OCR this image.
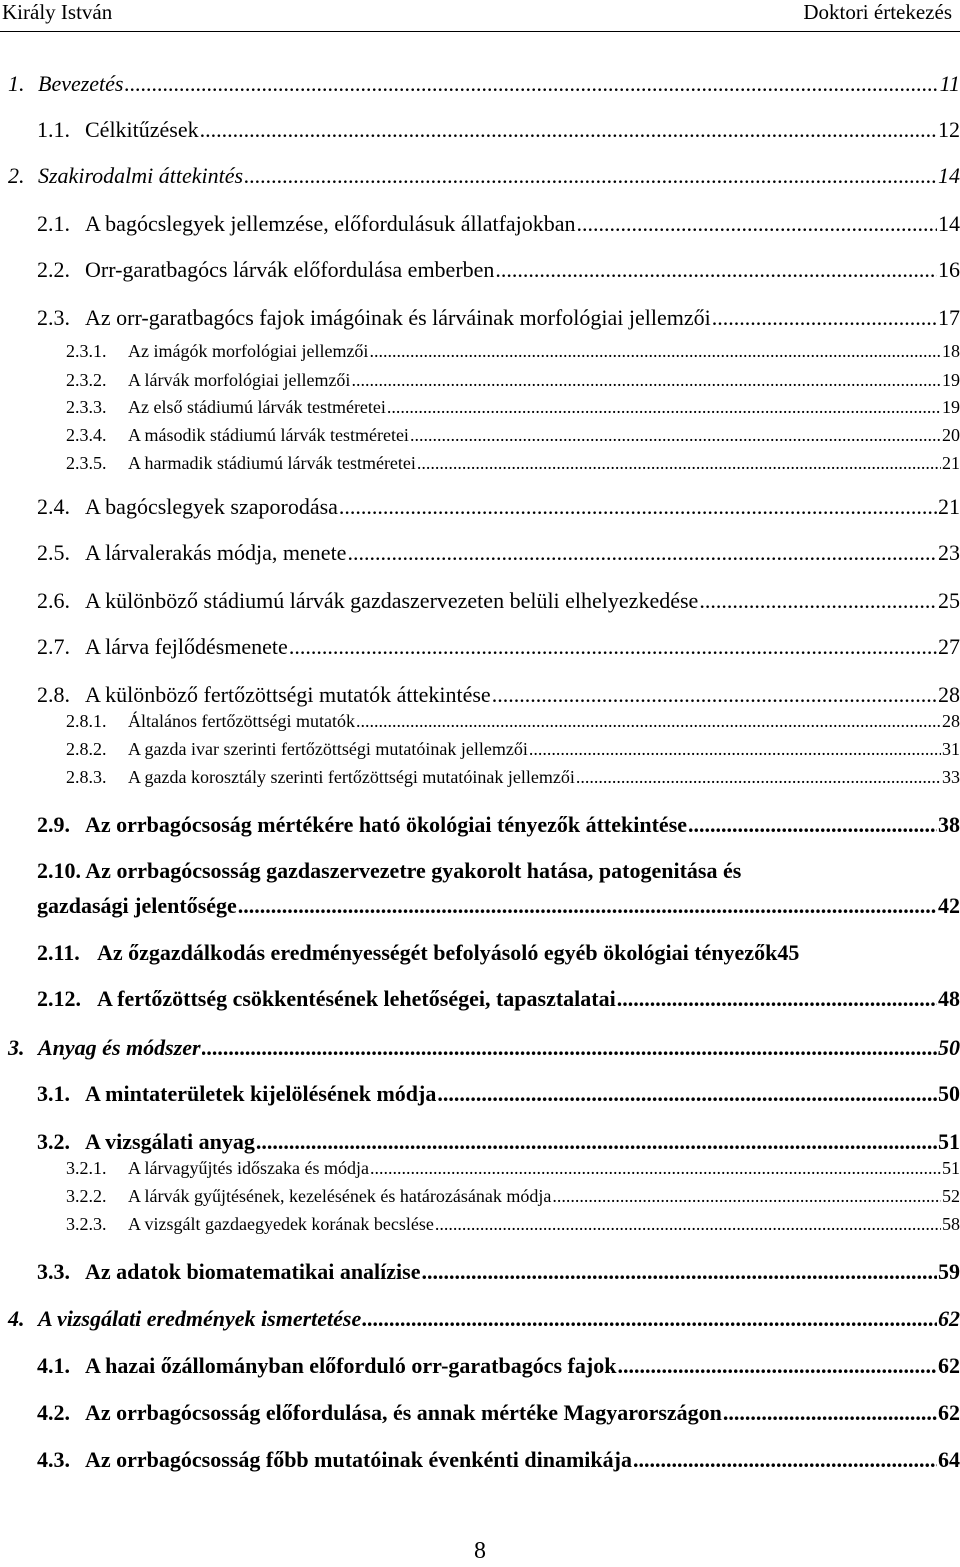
Király István	Doktori értekezés
1. Bevezetés .....	11
1.1. Célkitűzések .....	12
2. Szakirodalmi áttekintés .....	14
2.1. A bagócslegyek jellemzése, előfordulásuk állatfajokban .....	14
2.2. Orr-garatbagócs lárvák előfordulása emberben .....	16
2.3. Az orr-garatbagócs fajok imágóinak és lárváinak morfológiai jellemzői .....	17
2.3.1.	Az imágók morfológiai jellemzői .....	18
2.3.2.	A lárvák morfológiai jellemzői .....	19
2.3.3.	Az első stádiumú lárvák testméretei .....	19
2.3.4.	A második stádiumú lárvák testméretei .....	20
2.3.5.	A harmadik stádiumú lárvák testméretei .....	21
2.4. A bagócslegyek szaporodása .....	21
2.5. A lárvalerakás módja, menete .....	23
2.6. A különböző stádiumú lárvák gazdaszervezeten belüli elhelyezkedése .....	25
2.7. A lárva fejlődésmenete .....	27
2.8. A különböző fertőzöttségi mutatók áttekintése .....	28
2.8.1.	Általános fertőzöttségi mutatók .....	28
2.8.2.	A gazda ivar szerinti fertőzöttségi mutatóinak jellemzői .....	31
2.8.3.	A gazda korosztály szerinti fertőzöttségi mutatóinak jellemzői .....	33
2.9. Az orrbagócsoság mértékére ható ökológiai tényezők áttekintése .....	38
2.10. Az orrbagócsosság gazdaszervezetre gyakorolt hatása, patogenitása és
gazdasági jelentősége .....	42
2.11. Az őzgazdálkodás eredményességét befolyásoló egyéb ökológiai tényezők 45
2.12. A fertőzöttség csökkentésének lehetőségei, tapasztalatai .....	48
3. Anyag és módszer .....	50
3.1. A mintaterületek kijelölésének módja .....	50
3.2. A vizsgálati anyag .....	51
3.2.1.	A lárvagyűjtés időszaka és módja .....	51
3.2.2.	A lárvák gyűjtésének, kezelésének és határozásának módja .....	52
3.2.3.	A vizsgált gazdaegyedek korának becslése .....	58
3.3. Az adatok biomatematikai analízise .....	59
4. A vizsgálati eredmények ismertetése .....	62
4.1. A hazai őzállományban előforduló orr-garatbagócs fajok .....	62
4.2. Az orrbagócsosság előfordulása, és annak mértéke Magyarországon .....	62
4.3. Az orrbagócsosság főbb mutatóinak évenkénti dinamikája .....	64
8
